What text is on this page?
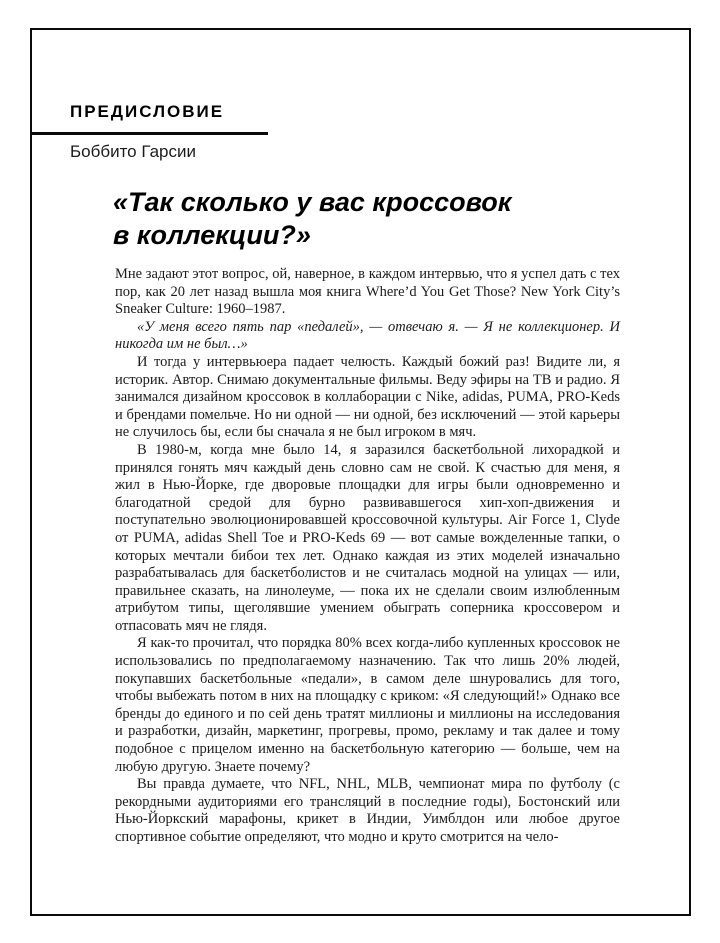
ПРЕДИСЛОВИЕ
Боббито Гарсии
«Так сколько у вас кроссовок
в коллекции?»

Мне задают этот вопрос, ой, наверное, в каждом интервью, что я успел дать с тех пор, как 20 лет назад вышла моя книга Where’d You Get Those? New York City’s Sneaker Culture: 1960–1987.

«У меня всего пять пар «педалей», — отвечаю я. — Я не коллекционер. И никогда им не был…»

И тогда у интервьюера падает челюсть. Каждый божий раз! Видите ли, я историк. Автор. Снимаю документальные фильмы. Веду эфиры на ТВ и радио. Я занимался дизайном кроссовок в коллаборации с Nike, adidas, PUMA, PRO-Keds и брендами помельче. Но ни одной — ни одной, без исключений — этой карьеры не случилось бы, если бы сначала я не был игроком в мяч.

В 1980-м, когда мне было 14, я заразился баскетбольной лихорадкой и принялся гонять мяч каждый день словно сам не свой. К счастью для меня, я жил в Нью-Йорке, где дворовые площадки для игры были одновременно и благодатной средой для бурно развивавшегося хип-хоп-движения и поступательно эволюционировавшей кроссовочной культуры. Air Force 1, Clyde от PUMA, adidas Shell Toe и PRO-Keds 69 — вот самые вожделенные тапки, о которых мечтали бибои тех лет. Однако каждая из этих моделей изначально разрабатывалась для баскетболистов и не считалась модной на улицах — или, правильнее сказать, на линолеуме, — пока их не сделали своим излюбленным атрибутом типы, щеголявшие умением обыграть соперника кроссовером и отпасовать мяч не глядя.

Я как-то прочитал, что порядка 80% всех когда-либо купленных кроссовок не использовались по предполагаемому назначению. Так что лишь 20% людей, покупавших баскетбольные «педали», в самом деле шнуровались для того, чтобы выбежать потом в них на площадку с криком: «Я следующий!» Однако все бренды до единого и по сей день тратят миллионы и миллионы на исследования и разработки, дизайн, маркетинг, прогревы, промо, рекламу и так далее и тому подобное с прицелом именно на баскетбольную категорию — больше, чем на любую другую. Знаете почему?

Вы правда думаете, что NFL, NHL, MLB, чемпионат мира по футболу (с рекордными аудиториями его трансляций в последние годы), Бостонский или Нью-Йоркский марафоны, крикет в Индии, Уимблдон или любое другое спортивное событие определяют, что модно и круто смотрится на чело-
